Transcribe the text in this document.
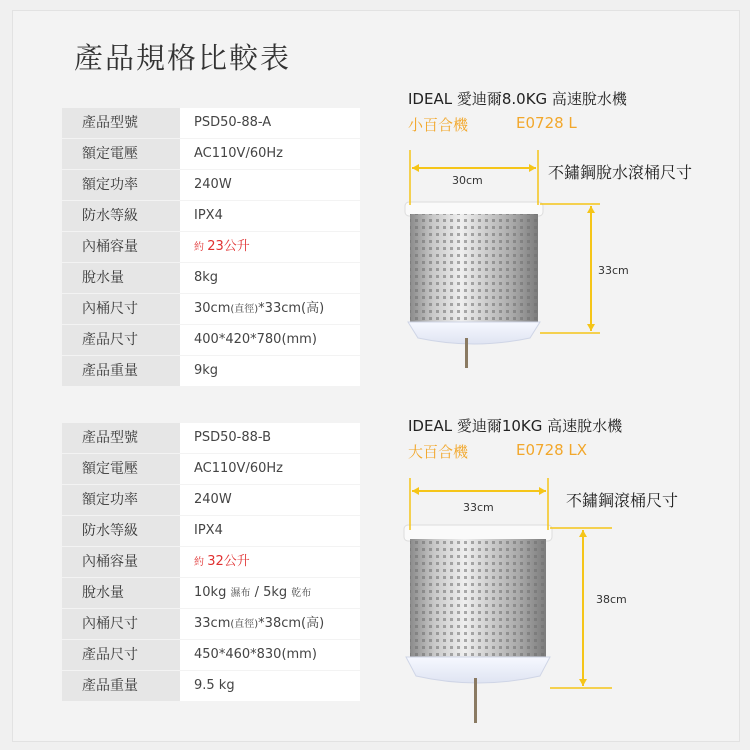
產品規格比較表
產品型號	PSD50-88-A
額定電壓	AC110V/60Hz
額定功率	240W
防水等級	IPX4
內桶容量	約 23公升
脫水量	8kg
內桶尺寸	30cm(直徑)*33cm(高)
產品尺寸	400*420*780(mm)
產品重量	9kg
產品型號	PSD50-88-B
額定電壓	AC110V/60Hz
額定功率	240W
防水等級	IPX4
內桶容量	約 32公升
脫水量	10kg 濕布 / 5kg 乾布
內桶尺寸	33cm(直徑)*38cm(高)
產品尺寸	450*460*830(mm)
產品重量	9.5 kg
IDEAL 愛迪爾8.0KG 高速脫水機
小百合機	E0728 L
不鏽鋼脫水滾桶尺寸
IDEAL 愛迪爾10KG 高速脫水機
大百合機	E0728 LX
不鏽鋼滾桶尺寸
30cm
33cm
33cm
38cm
